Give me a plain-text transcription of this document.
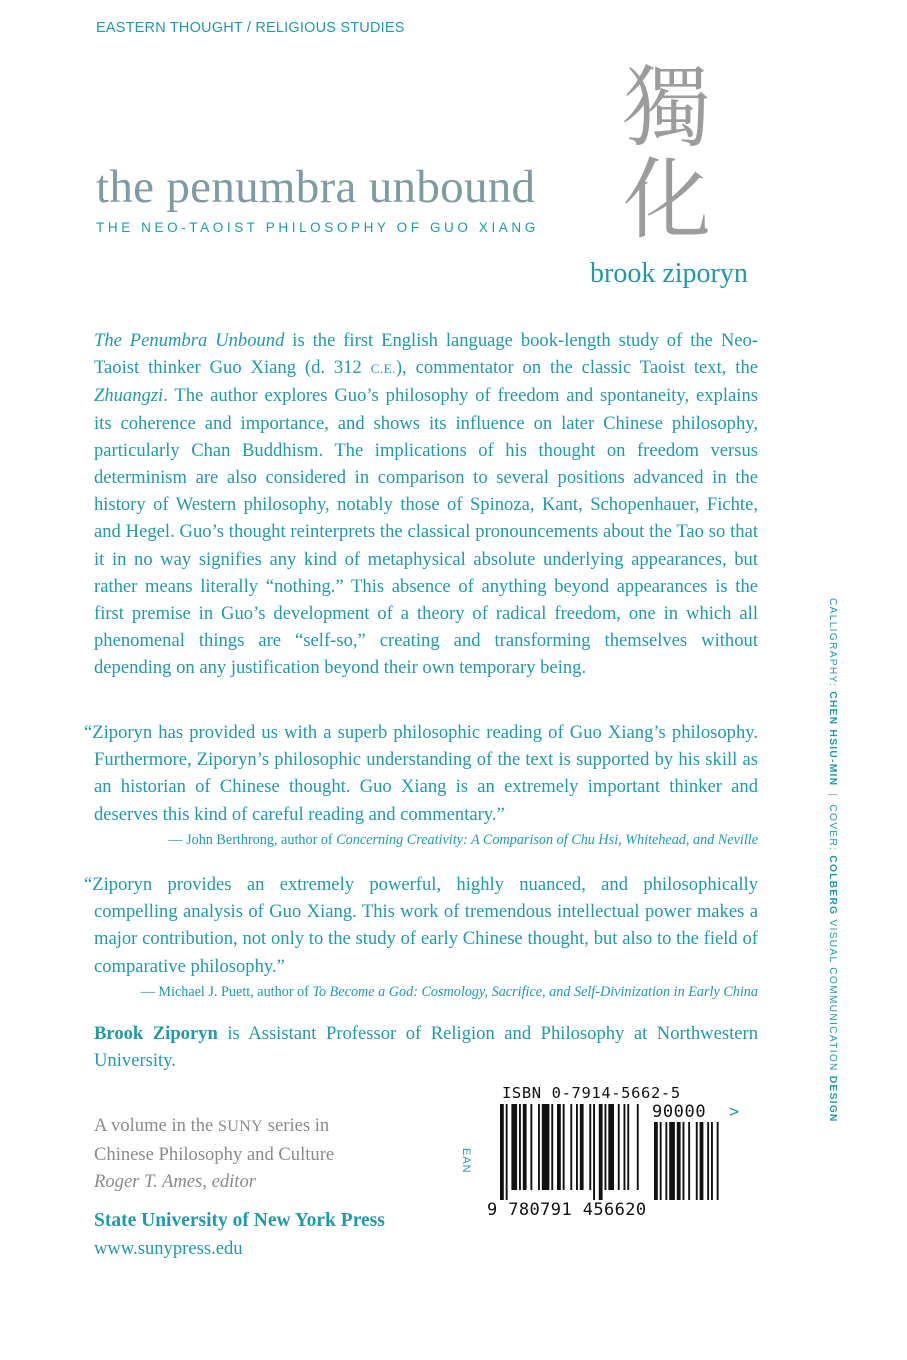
EASTERN THOUGHT / RELIGIOUS STUDIES
獨
化
the penumbra unbound
THE NEO-TAOIST PHILOSOPHY OF GUO XIANG
brook ziporyn

The Penumbra Unbound is the first English language book-length study of the Neo-Taoist thinker Guo Xiang (d. 312 C.E.), commentator on the classic Taoist text, the Zhuangzi. The author explores Guo’s philosophy of freedom and spontaneity, explains its coherence and importance, and shows its influence on later Chinese philosophy, particularly Chan Buddhism. The implications of his thought on freedom versus determinism are also considered in comparison to several positions advanced in the history of Western philosophy, notably those of Spinoza, Kant, Schopenhauer, Fichte, and Hegel. Guo’s thought reinterprets the classical pronouncements about the Tao so that it in no way signifies any kind of metaphysical absolute underlying appearances, but rather means literally “nothing.” This absence of anything beyond appearances is the first premise in Guo’s development of a theory of radical freedom, one in which all phenomenal things are “self-so,” creating and transforming themselves without depending on any justification beyond their own temporary being.

“Ziporyn has provided us with a superb philosophic reading of Guo Xiang’s philosophy. Furthermore, Ziporyn’s philosophic understanding of the text is supported by his skill as an historian of Chinese thought. Guo Xiang is an extremely important thinker and deserves this kind of careful reading and commentary.”

— John Berthrong, author of Concerning Creativity: A Comparison of Chu Hsi, Whitehead, and Neville

“Ziporyn provides an extremely powerful, highly nuanced, and philosophically compelling analysis of Guo Xiang. This work of tremendous intellectual power makes a major contribution, not only to the study of early Chinese thought, but also to the field of comparative philosophy.”

— Michael J. Puett, author of To Become a God: Cosmology, Sacrifice, and Self-Divinization in Early China
Brook Ziporyn is Assistant Professor of Religion and Philosophy at Northwestern University.
A volume in the SUNY series in
Chinese Philosophy and Culture
Roger T. Ames, editor
State University of New York Press
www.sunypress.edu
ISBN 0-7914-5662-5
90000 >
EAN
9 780791 456620
CALLIGRAPHY: CHEN HSIU-MIN|COVER: COLBERG VISUAL COMMUNICATION DESIGN
